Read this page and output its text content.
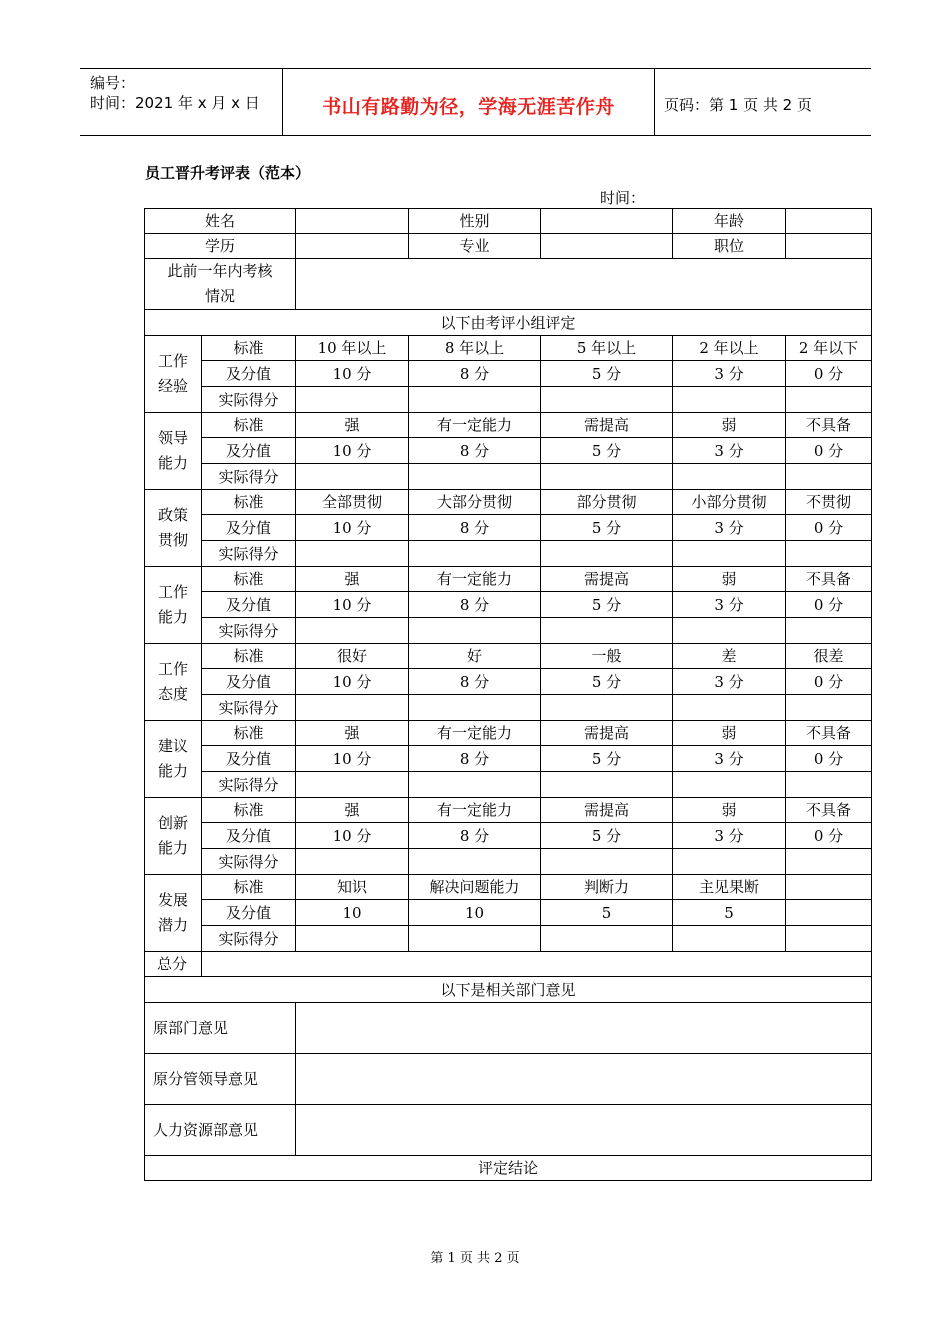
编号：
时间：2021 年 x 月 x 日	书山有路勤为径，学海无涯苦作舟	页码：第 1 页 共 2 页
员工晋升考评表（范本）
时间：
姓名			性别		年龄	
学历			专业		职位	

此前一年内考核
情况						

以下由考评小组评定						

工作
经验	标准	10 年以上	8 年以上	5 年以上	2 年以上	2 年以下
	及分值	10 分	8 分	5 分	3 分	0 分
	实际得分					

领导
能力	标准	强	有一定能力	需提高	弱	不具备
	及分值	10 分	8 分	5 分	3 分	0 分
	实际得分					

政策
贯彻	标准	全部贯彻	大部分贯彻	部分贯彻	小部分贯彻	不贯彻
	及分值	10 分	8 分	5 分	3 分	0 分
	实际得分					

工作
能力	标准	强	有一定能力	需提高	弱	不具备
	及分值	10 分	8 分	5 分	3 分	0 分
	实际得分					

工作
态度	标准	很好	好	一般	差	很差
	及分值	10 分	8 分	5 分	3 分	0 分
	实际得分					

建议
能力	标准	强	有一定能力	需提高	弱	不具备
	及分值	10 分	8 分	5 分	3 分	0 分
	实际得分					

创新
能力	标准	强	有一定能力	需提高	弱	不具备
	及分值	10 分	8 分	5 分	3 分	0 分
	实际得分					

发展
潜力	标准	知识	解决问题能力	判断力	主见果断	
	及分值	10	10	5	5	
	实际得分					
总分						
以下是相关部门意见						
原部门意见						
原分管领导意见						
人力资源部意见						
评定结论						
第 1 页 共 2 页
